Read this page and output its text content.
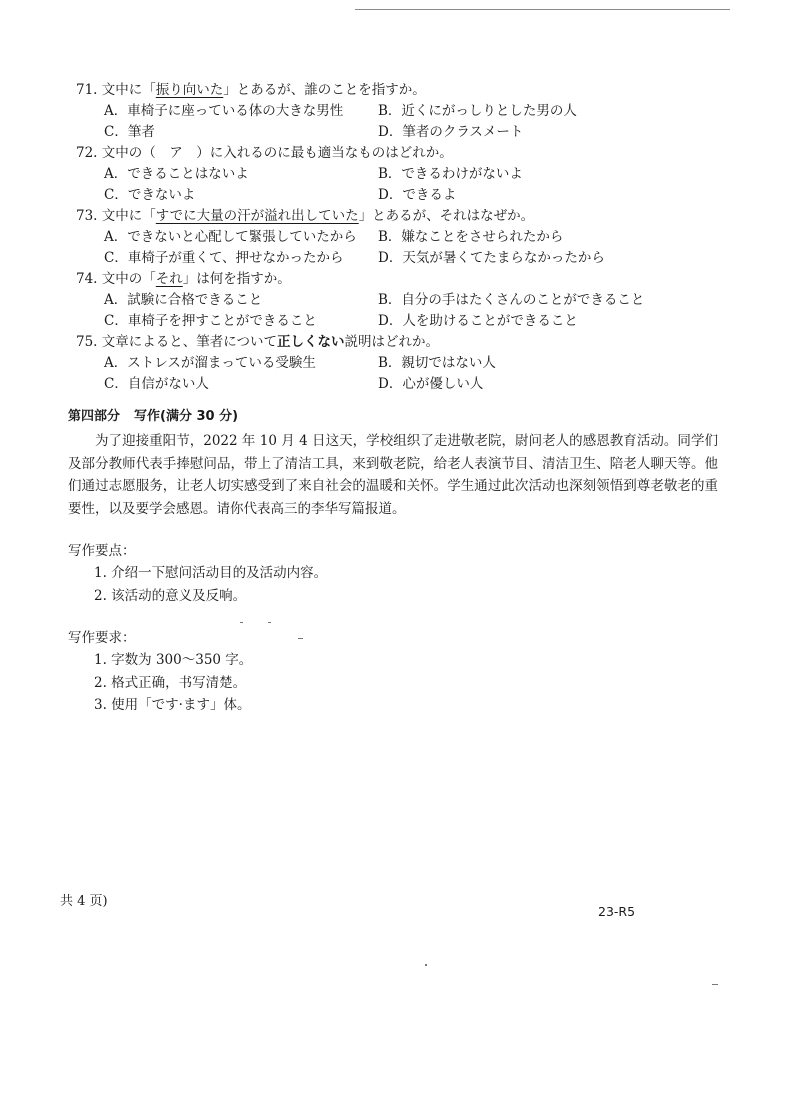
71. 文中に「振り向いた」とあるが、誰のことを指すか。
A．車椅子に座っている体の大きな男性	B．近くにがっしりとした男の人
C．筆者	D．筆者のクラスメート
72. 文中の（　ア　）に入れるのに最も適当なものはどれか。
A．できることはないよ	B．できるわけがないよ
C．できないよ	D．できるよ
73. 文中に「すでに大量の汗が溢れ出していた」とあるが、それはなぜか。
A．できないと心配して緊張していたから B．嫌なことをさせられたから
C．車椅子が重くて、押せなかったから	D．天気が暑くてたまらなかったから
74. 文中の「それ」は何を指すか。
A．試験に合格できること	B．自分の手はたくさんのことができること
C．車椅子を押すことができること	D．人を助けることができること
75. 文章によると、筆者について正しくない説明はどれか。
A．ストレスが溜まっている受験生	B．親切ではない人
C．自信がない人	D．心が優しい人
第四部分 写作(满分 30 分)

为了迎接重阳节，2022 年 10 月 4 日这天，学校组织了走进敬老院，尉问老人的感恩教育活动。同学们及部分教师代表手捧慰问品，带上了清洁工具，来到敬老院，给老人表演节目、清洁卫生、陪老人聊天等。他们通过志愿服务，让老人切实感受到了来自社会的温暖和关怀。学生通过此次活动也深刻领悟到尊老敬老的重要性，以及要学会感恩。请你代表高三的李华写篇报道。

写作要点：
1. 介绍一下慰问活动目的及活动内容。
2. 该活动的意义及反响。
写作要求：
1. 字数为 300～350 字。
2. 格式正确，书写清楚。
3. 使用「です·ます」体。
共 4 页)
23-R5
